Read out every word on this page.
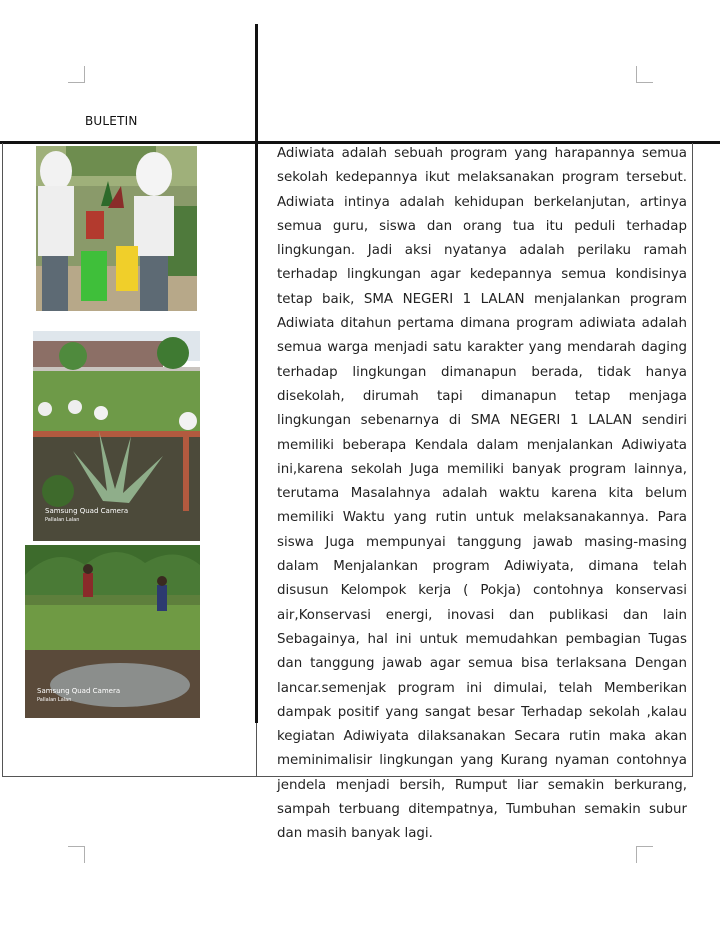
BULETIN
Samsung Quad Camera
Pallalan Lalan
Samsung Quad Camera
Pallalan Lalan

Adiwiata adalah sebuah program yang harapannya semua sekolah kedepannya ikut melaksanakan program tersebut. Adiwiata intinya adalah kehidupan berkelanjutan, artinya semua guru, siswa dan orang tua itu peduli terhadap lingkungan. Jadi aksi nyatanya adalah perilaku ramah terhadap lingkungan agar kedepannya semua kondisinya tetap baik, SMA NEGERI 1 LALAN menjalankan program Adiwiata ditahun pertama dimana program adiwiata adalah semua warga menjadi satu karakter yang mendarah daging terhadap lingkungan dimanapun berada, tidak hanya disekolah, dirumah tapi dimanapun tetap menjaga lingkungan sebenarnya di SMA NEGERI 1 LALAN sendiri memiliki beberapa Kendala dalam menjalankan Adiwiyata ini,karena sekolah Juga memiliki banyak program lainnya, terutama Masalahnya adalah waktu karena kita belum memiliki Waktu yang rutin untuk melaksanakannya. Para siswa Juga mempunyai tanggung jawab masing-masing dalam Menjalankan program Adiwiyata, dimana telah disusun Kelompok kerja ( Pokja) contohnya konservasi air,Konservasi energi, inovasi dan publikasi dan lain Sebagainya, hal ini untuk memudahkan pembagian Tugas dan tanggung jawab agar semua bisa terlaksana Dengan lancar.semenjak program ini dimulai, telah Memberikan dampak positif yang sangat besar Terhadap sekolah ,kalau kegiatan Adiwiyata dilaksanakan Secara rutin maka akan meminimalisir lingkungan yang Kurang nyaman contohnya jendela menjadi bersih, Rumput liar semakin berkurang, sampah terbuang ditempatnya, Tumbuhan semakin subur dan masih banyak lagi.
